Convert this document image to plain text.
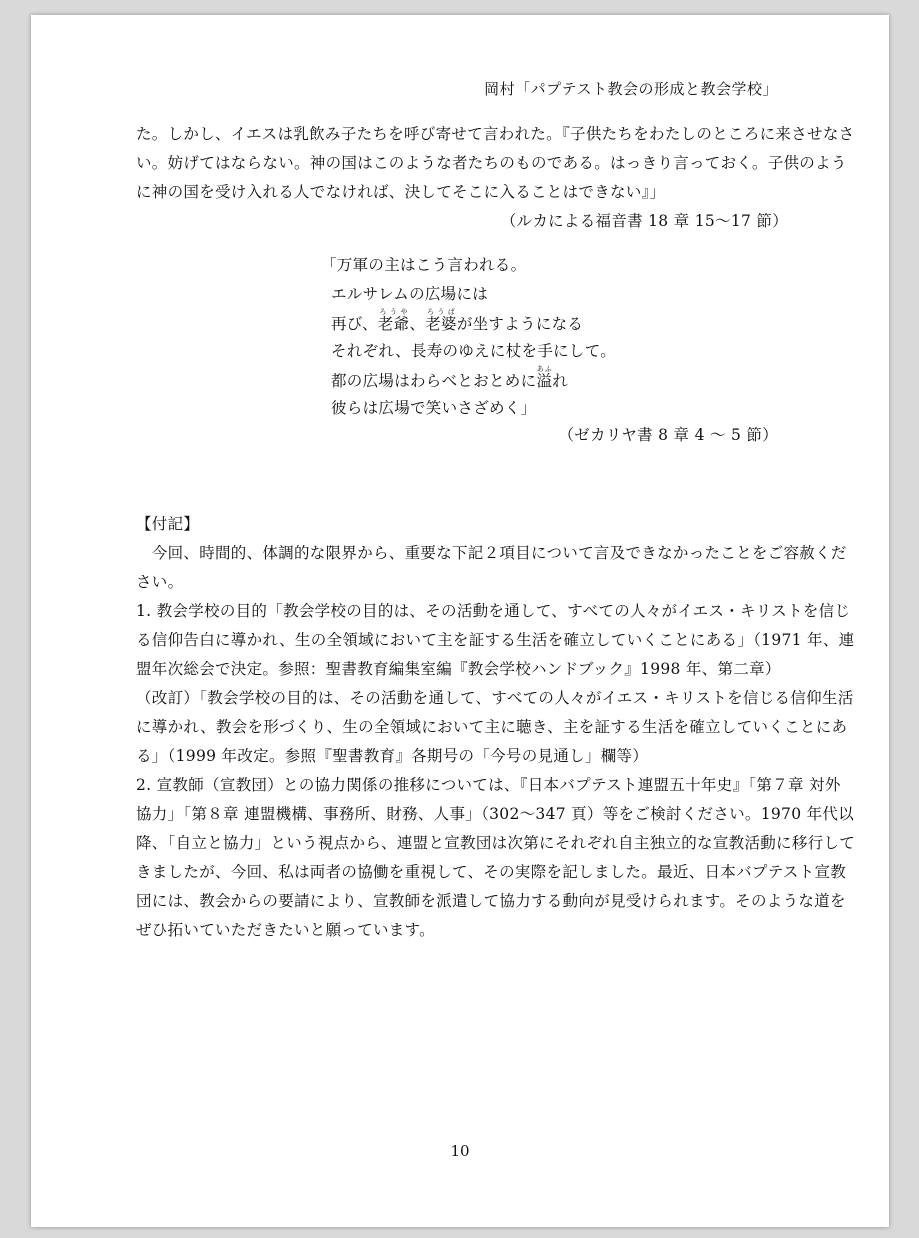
岡村「パプテスト教会の形成と教会学校」
た。しかし、イエスは乳飲み子たちを呼び寄せて言われた。『子供たちをわたしのところに来させなさ
い。妨げてはならない。神の国はこのような者たちのものである。はっきり言っておく。子供のよう
に神の国を受け入れる人でなければ、決してそこに入ることはできない』」
（ルカによる福音書 18 章 15～17 節）
「万軍の主はこう言われる。
エルサレムの広場には
再び、老爺ろうや、老婆ろうばが坐すようになる
それぞれ、長寿のゆえに杖を手にして。
都の広場はわらべとおとめに溢あふれ
彼らは広場で笑いさざめく」
（ゼカリヤ書 8 章 4 ～ 5 節）
【付記】
　今回、時間的、体調的な限界から、重要な下記２項目について言及できなかったことをご容赦くだ
さい。
1. 教会学校の目的「教会学校の目的は、その活動を通して、すべての人々がイエス・キリストを信じ
る信仰告白に導かれ、生の全領域において主を証する生活を確立していくことにある」（1971 年、連
盟年次総会で決定。参照：聖書教育編集室編『教会学校ハンドブック』1998 年、第二章）
（改訂）「教会学校の目的は、その活動を通して、すべての人々がイエス・キリストを信じる信仰生活
に導かれ、教会を形づくり、生の全領域において主に聴き、主を証する生活を確立していくことにあ
る」（1999 年改定。参照『聖書教育』各期号の「今号の見通し」欄等）
2. 宣教師（宣教団）との協力関係の推移については、『日本バプテスト連盟五十年史』「第７章 対外
協力」「第８章 連盟機構、事務所、財務、人事」（302～347 頁）等をご検討ください。1970 年代以
降、「自立と協力」という視点から、連盟と宣教団は次第にそれぞれ自主独立的な宣教活動に移行して
きましたが、今回、私は両者の協働を重視して、その実際を記しました。最近、日本バプテスト宣教
団には、教会からの要請により、宣教師を派遣して協力する動向が見受けられます。そのような道を
ぜひ拓いていただきたいと願っています。
10
